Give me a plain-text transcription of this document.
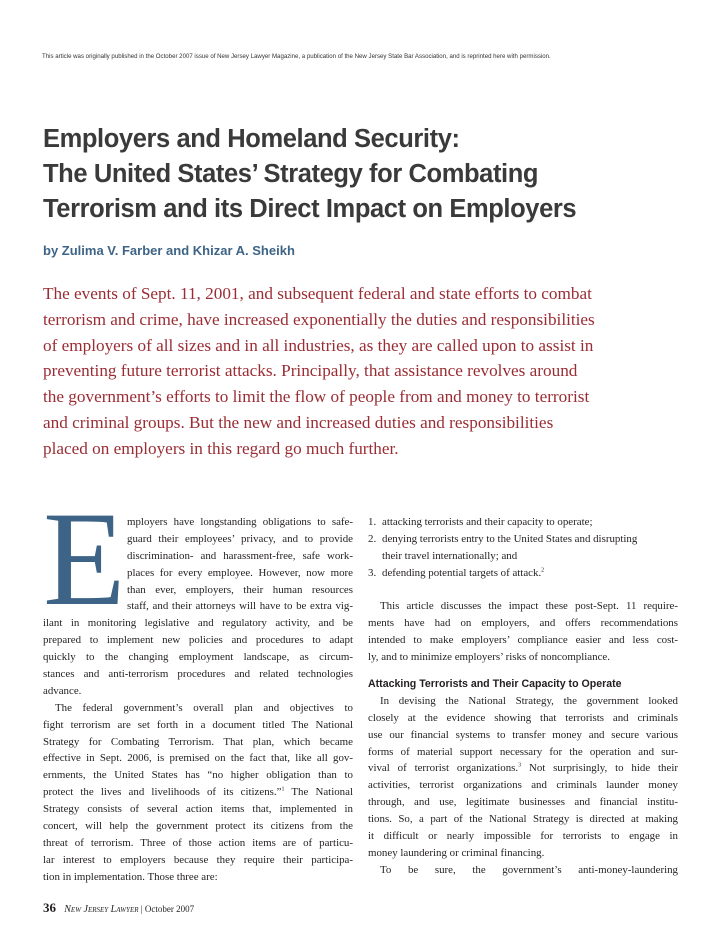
This article was originally published in the October 2007 issue of New Jersey Lawyer Magazine, a publication of the New Jersey State Bar Association, and is reprinted here with permission.
Employers and Homeland Security:
The United States’ Strategy for Combating
Terrorism and its Direct Impact on Employers
by Zulima V. Farber and Khizar A. Sheikh
The events of Sept. 11, 2001, and subsequent federal and state efforts to combat
terrorism and crime, have increased exponentially the duties and responsibilities
of employers of all sizes and in all industries, as they are called upon to assist in
preventing future terrorist attacks. Principally, that assistance revolves around
the government’s efforts to limit the flow of people from and money to terrorist
and criminal groups. But the new and increased duties and responsibilities
placed on employers in this regard go much further.
E mployers have longstanding obligations to safe-
guard their employees’ privacy, and to provide
discrimination- and harassment-free, safe work-
places for every employee. However, now more
than ever, employers, their human resources
staff, and their attorneys will have to be extra vig-
ilant in monitoring legislative and regulatory activity, and be
prepared to implement new policies and procedures to adapt
quickly to the changing employment landscape, as circum-
stances and anti-terrorism procedures and related technologies
advance.
The federal government’s overall plan and objectives to
fight terrorism are set forth in a document titled The National
Strategy for Combating Terrorism. That plan, which became
effective in Sept. 2006, is premised on the fact that, like all gov-
ernments, the United States has “no higher obligation than to
protect the lives and livelihoods of its citizens.”$^1$ The National
Strategy consists of several action items that, implemented in
concert, will help the government protect its citizens from the
threat of terrorism. Three of those action items are of particu-
lar interest to employers because they require their participa-
tion in implementation. Those three are:
1. attacking terrorists and their capacity to operate;
2. denying terrorists entry to the United States and disrupting
their travel internationally; and
3. defending potential targets of attack.$^2$
This article discusses the impact these post-Sept. 11 require-
ments have had on employers, and offers recommendations
intended to make employers’ compliance easier and less cost-
ly, and to minimize employers’ risks of noncompliance.
Attacking Terrorists and Their Capacity to Operate
In devising the National Strategy, the government looked
closely at the evidence showing that terrorists and criminals
use our financial systems to transfer money and secure various
forms of material support necessary for the operation and sur-
vival of terrorist organizations.$^3$ Not surprisingly, to hide their
activities, terrorist organizations and criminals launder money
through, and use, legitimate businesses and financial institu-
tions. So, a part of the National Strategy is directed at making
it difficult or nearly impossible for terrorists to engage in
money laundering or criminal financing.
To be sure, the government’s anti-money-laundering
36 New Jersey Lawyer | October 2007
